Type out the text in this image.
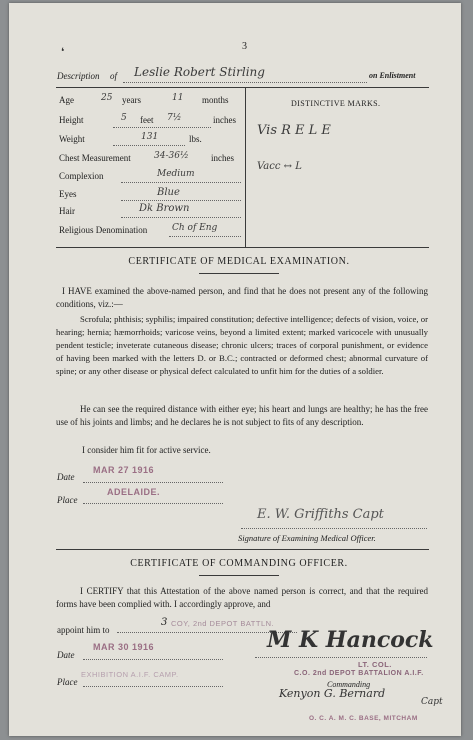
3
❛
Description of Leslie Robert Stirling	on Enlistment
Age	25 years	11 months
Height	5 feet 7½	inches
Weight	131	lbs.
Chest Measurement	34-36½ inches
Complexion	Medium
Eyes	Blue
Hair	Dk Brown
Religious Denomination	Ch of Eng
DISTINCTIVE MARKS.
Vis R E L E
Vacc ↔ L
CERTIFICATE OF MEDICAL EXAMINATION.
I HAVE examined the above-named person, and find that he does not present any of the following conditions, viz.:—
Scrofula; phthisis; syphilis; impaired constitution; defective intelligence; defects of vision, voice, or hearing; hernia; hæmorrhoids; varicose veins, beyond a limited extent; marked varicocele with unusually pendent testicle; inveterate cutaneous disease; chronic ulcers; traces of corporal punishment, or evidence of having been marked with the letters D. or B.C.; contracted or deformed chest; abnormal curvature of spine; or any other disease or physical defect calculated to unfit him for the duties of a soldier.
He can see the required distance with either eye; his heart and lungs are healthy; he has the free use of his joints and limbs; and he declares he is not subject to fits of any description.
I consider him fit for active service.
Date
MAR 27 1916
Place
ADELAIDE.
E. W. Griffiths Capt
Signature of Examining Medical Officer.
CERTIFICATE OF COMMANDING OFFICER.
I CERTIFY that this Attestation of the above named person is correct, and that the required forms have been complied with. I accordingly approve, and
appoint him to
3 COY, 2nd DEPOT BATTLN.
Date
MAR 30 1916
Place
EXHIBITION A.I.F. CAMP.
M K Hancock
LT. COL.
C.O. 2nd DEPOT BATTALION A.I.F.
Commanding
Kenyon G. Bernard
Capt
O. C. A. M. C. BASE, MITCHAM
